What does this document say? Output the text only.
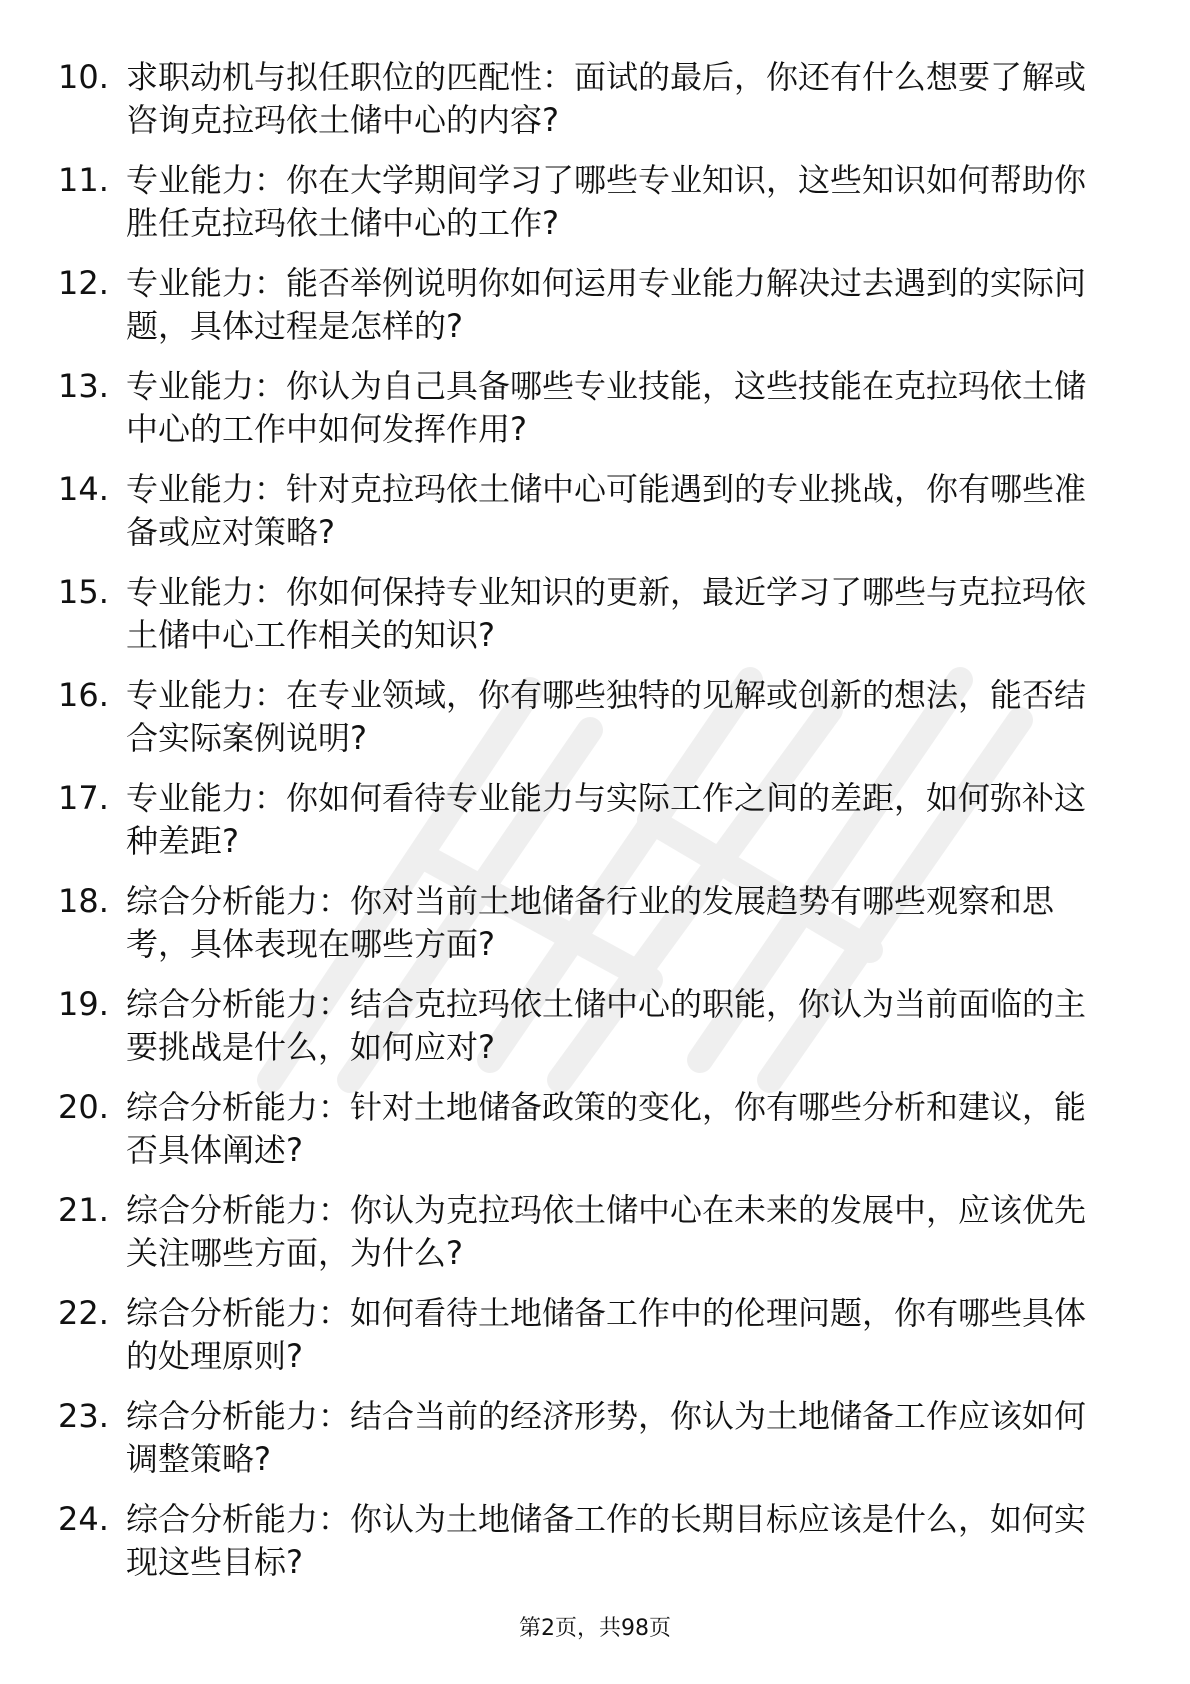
10. 求职动机与拟任职位的匹配性：面试的最后，你还有什么想要了解或咨询克拉玛依土储中心的内容?
11. 专业能力：你在大学期间学习了哪些专业知识，这些知识如何帮助你胜任克拉玛依土储中心的工作?
12. 专业能力：能否举例说明你如何运用专业能力解决过去遇到的实际问题，具体过程是怎样的?
13. 专业能力：你认为自己具备哪些专业技能，这些技能在克拉玛依土储中心的工作中如何发挥作用?
14. 专业能力：针对克拉玛依土储中心可能遇到的专业挑战，你有哪些准备或应对策略?
15. 专业能力：你如何保持专业知识的更新，最近学习了哪些与克拉玛依土储中心工作相关的知识?
16. 专业能力：在专业领域，你有哪些独特的见解或创新的想法，能否结合实际案例说明?
17. 专业能力：你如何看待专业能力与实际工作之间的差距，如何弥补这种差距?
18. 综合分析能力：你对当前土地储备行业的发展趋势有哪些观察和思考，具体表现在哪些方面?
19. 综合分析能力：结合克拉玛依土储中心的职能，你认为当前面临的主要挑战是什么，如何应对?
20. 综合分析能力：针对土地储备政策的变化，你有哪些分析和建议，能否具体阐述?
21. 综合分析能力：你认为克拉玛依土储中心在未来的发展中，应该优先关注哪些方面，为什么?
22. 综合分析能力：如何看待土地储备工作中的伦理问题，你有哪些具体的处理原则?
23. 综合分析能力：结合当前的经济形势，你认为土地储备工作应该如何调整策略?
24. 综合分析能力：你认为土地储备工作的长期目标应该是什么，如何实现这些目标?
第2页，共98页
